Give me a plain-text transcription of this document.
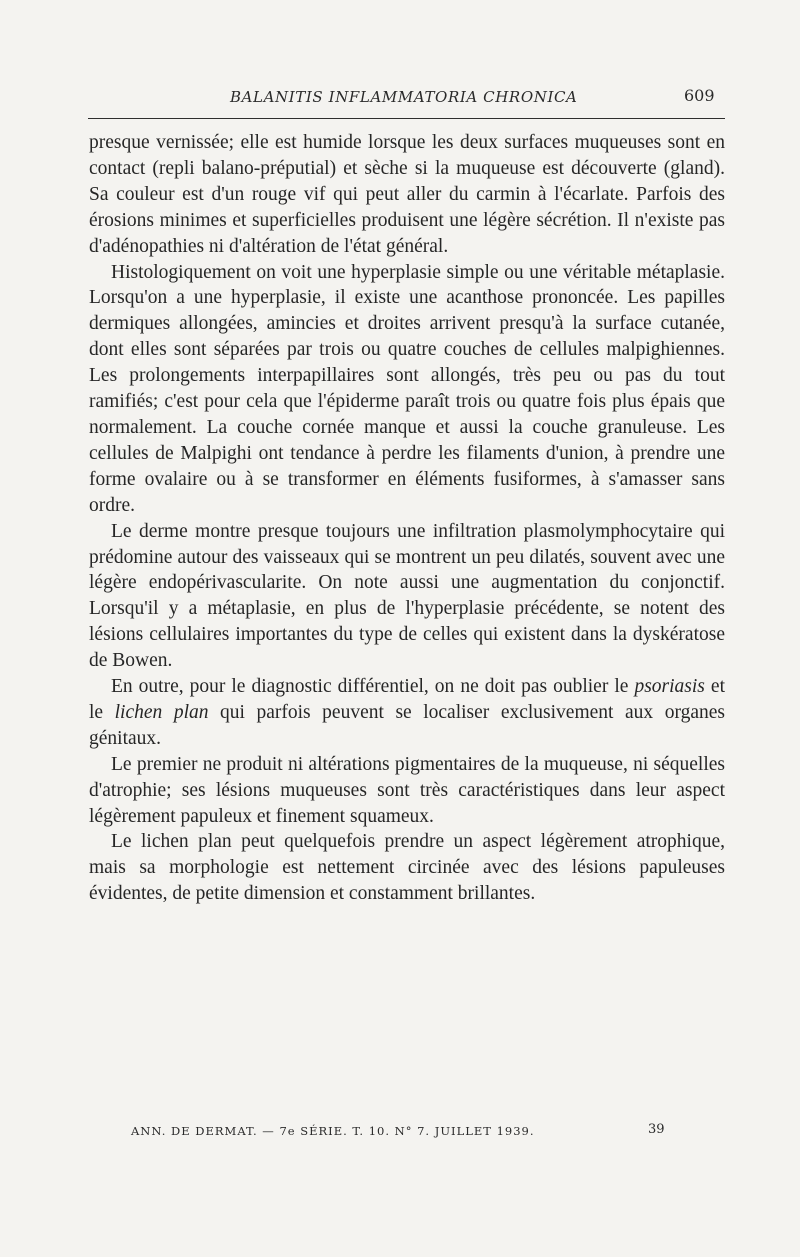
BALANITIS INFLAMMATORIA CHRONICA	609

presque vernissée; elle est humide lorsque les deux surfaces muqueuses sont en contact (repli balano-préputial) et sèche si la muqueuse est découverte (gland). Sa couleur est d'un rouge vif qui peut aller du carmin à l'écarlate. Parfois des érosions minimes et superficielles produisent une légère sécrétion. Il n'existe pas d'adénopathies ni d'altération de l'état général.

Histologiquement on voit une hyperplasie simple ou une véritable métaplasie. Lorsqu'on a une hyperplasie, il existe une acanthose prononcée. Les papilles dermiques allongées, amincies et droites arrivent presqu'à la surface cutanée, dont elles sont séparées par trois ou quatre couches de cellules malpighiennes. Les prolongements interpapillaires sont allongés, très peu ou pas du tout ramifiés; c'est pour cela que l'épiderme paraît trois ou quatre fois plus épais que normalement. La couche cornée manque et aussi la couche granuleuse. Les cellules de Malpighi ont tendance à perdre les filaments d'union, à prendre une forme ovalaire ou à se transformer en éléments fusiformes, à s'amasser sans ordre.

Le derme montre presque toujours une infiltration plasmolymphocytaire qui prédomine autour des vaisseaux qui se montrent un peu dilatés, souvent avec une légère endopérivascularite. On note aussi une augmentation du conjonctif. Lorsqu'il y a métaplasie, en plus de l'hyperplasie précédente, se notent des lésions cellulaires importantes du type de celles qui existent dans la dyskératose de Bowen.

En outre, pour le diagnostic différentiel, on ne doit pas oublier le psoriasis et le lichen plan qui parfois peuvent se localiser exclusivement aux organes génitaux.

Le premier ne produit ni altérations pigmentaires de la muqueuse, ni séquelles d'atrophie; ses lésions muqueuses sont très caractéristiques dans leur aspect légèrement papuleux et finement squameux.

Le lichen plan peut quelquefois prendre un aspect légèrement atrophique, mais sa morphologie est nettement circinée avec des lésions papuleuses évidentes, de petite dimension et constamment brillantes.

ANN. DE DERMAT. — 7e SÉRIE. T. 10. N° 7. JUILLET 1939.	39
